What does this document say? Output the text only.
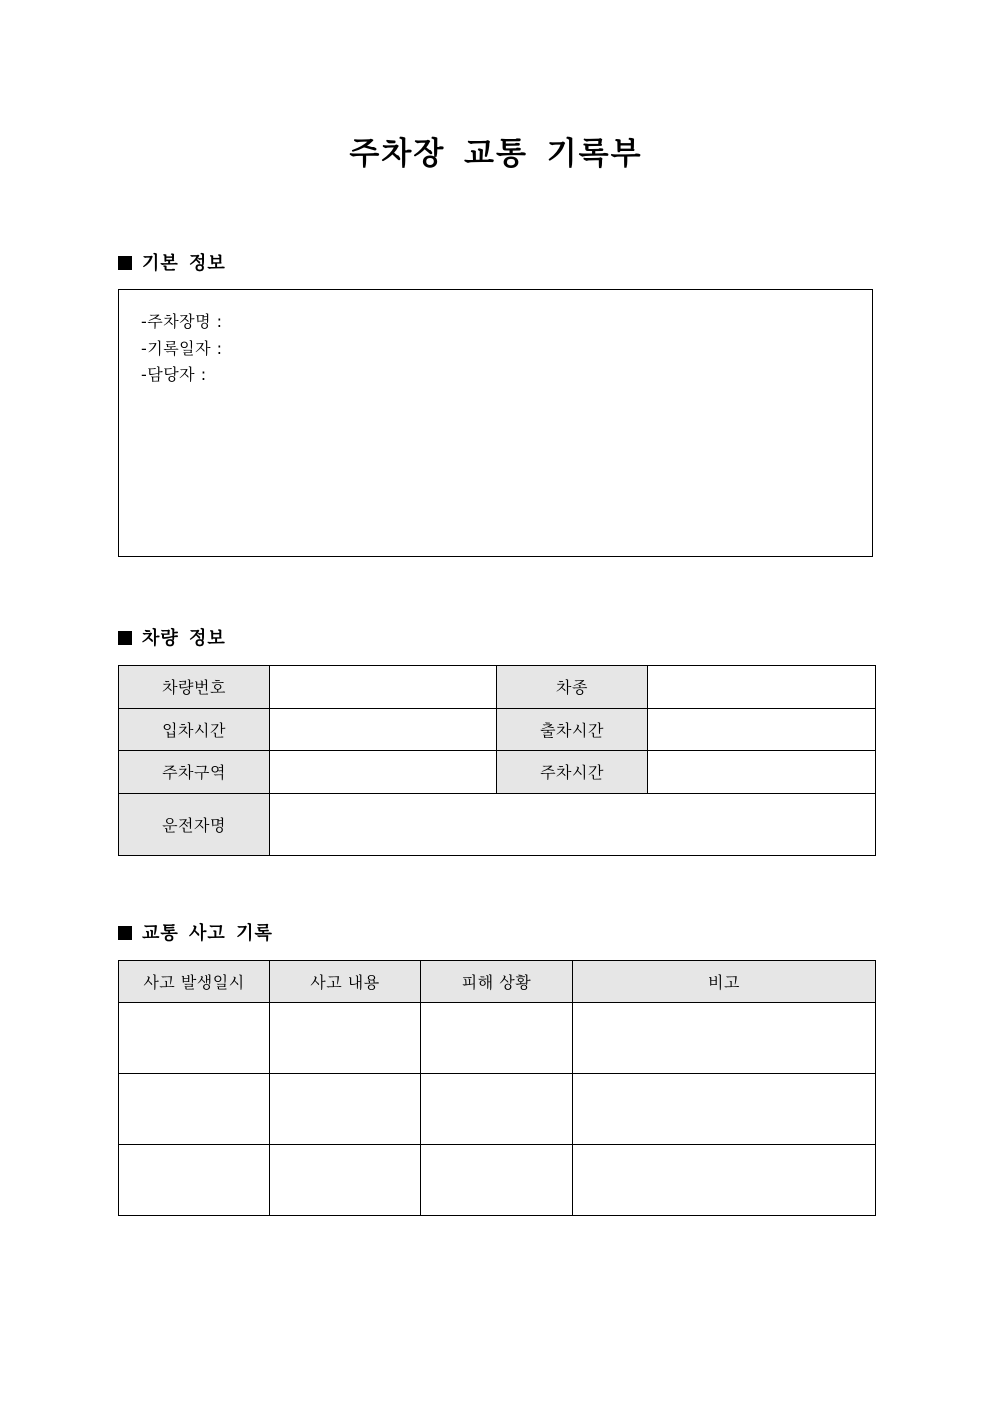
주차장 교통 기록부
기본 정보
-주차장명 :
-기록일자 :
-담당자 :
차량 정보
차량번호		차종	
입차시간		출차시간	
주차구역		주차시간	
운전자명			
교통 사고 기록
사고 발생일시	사고 내용	피해 상황	비고
